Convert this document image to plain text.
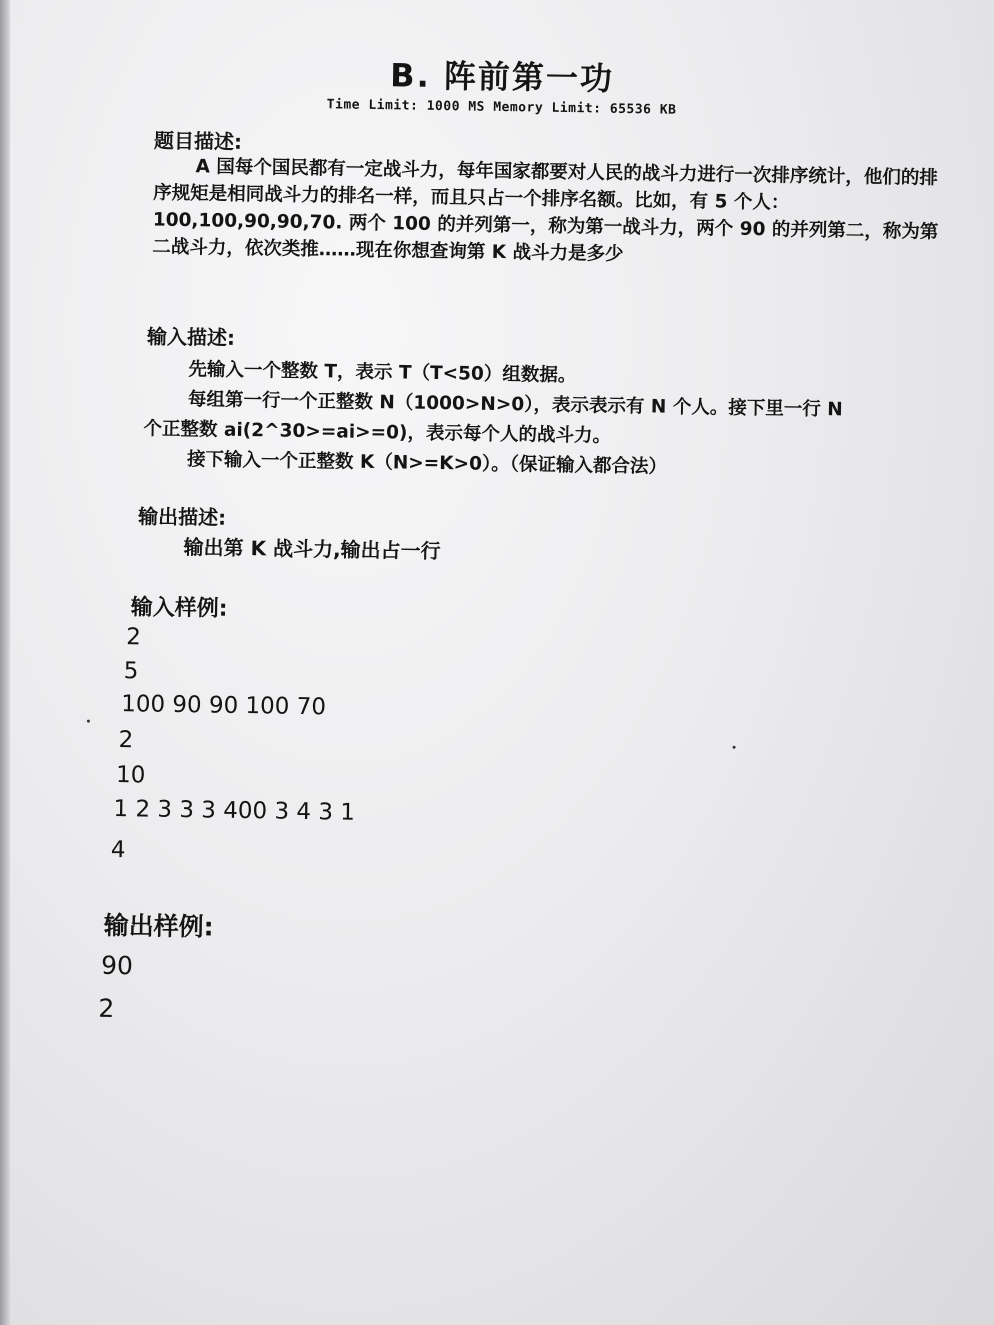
B. 阵前第一功
Time Limit: 1000 MS Memory Limit: 65536 KB
题目描述:
A 国每个国民都有一定战斗力，每年国家都要对人民的战斗力进行一次排序统计，他们的排序规矩是相同战斗力的排名一样，而且只占一个排序名额。比如，有 5 个人：100,100,90,90,70. 两个 100 的并列第一，称为第一战斗力，两个 90 的并列第二，称为第二战斗力，依次类推……现在你想查询第 K 战斗力是多少
输入描述:
先输入一个整数 T，表示 T（T<50）组数据。
每组第一行一个正整数 N（1000>N>0），表示表示有 N 个人。接下里一行 N
个正整数 ai(2^30>=ai>=0)，表示每个人的战斗力。
接下输入一个正整数 K（N>=K>0）。（保证输入都合法）
输出描述:
输出第 K 战斗力,输出占一行
输入样例:
2
5
100 90 90 100 70
2
10
1 2 3 3 3 400 3 4 3 1
4
输出样例:
90
2
